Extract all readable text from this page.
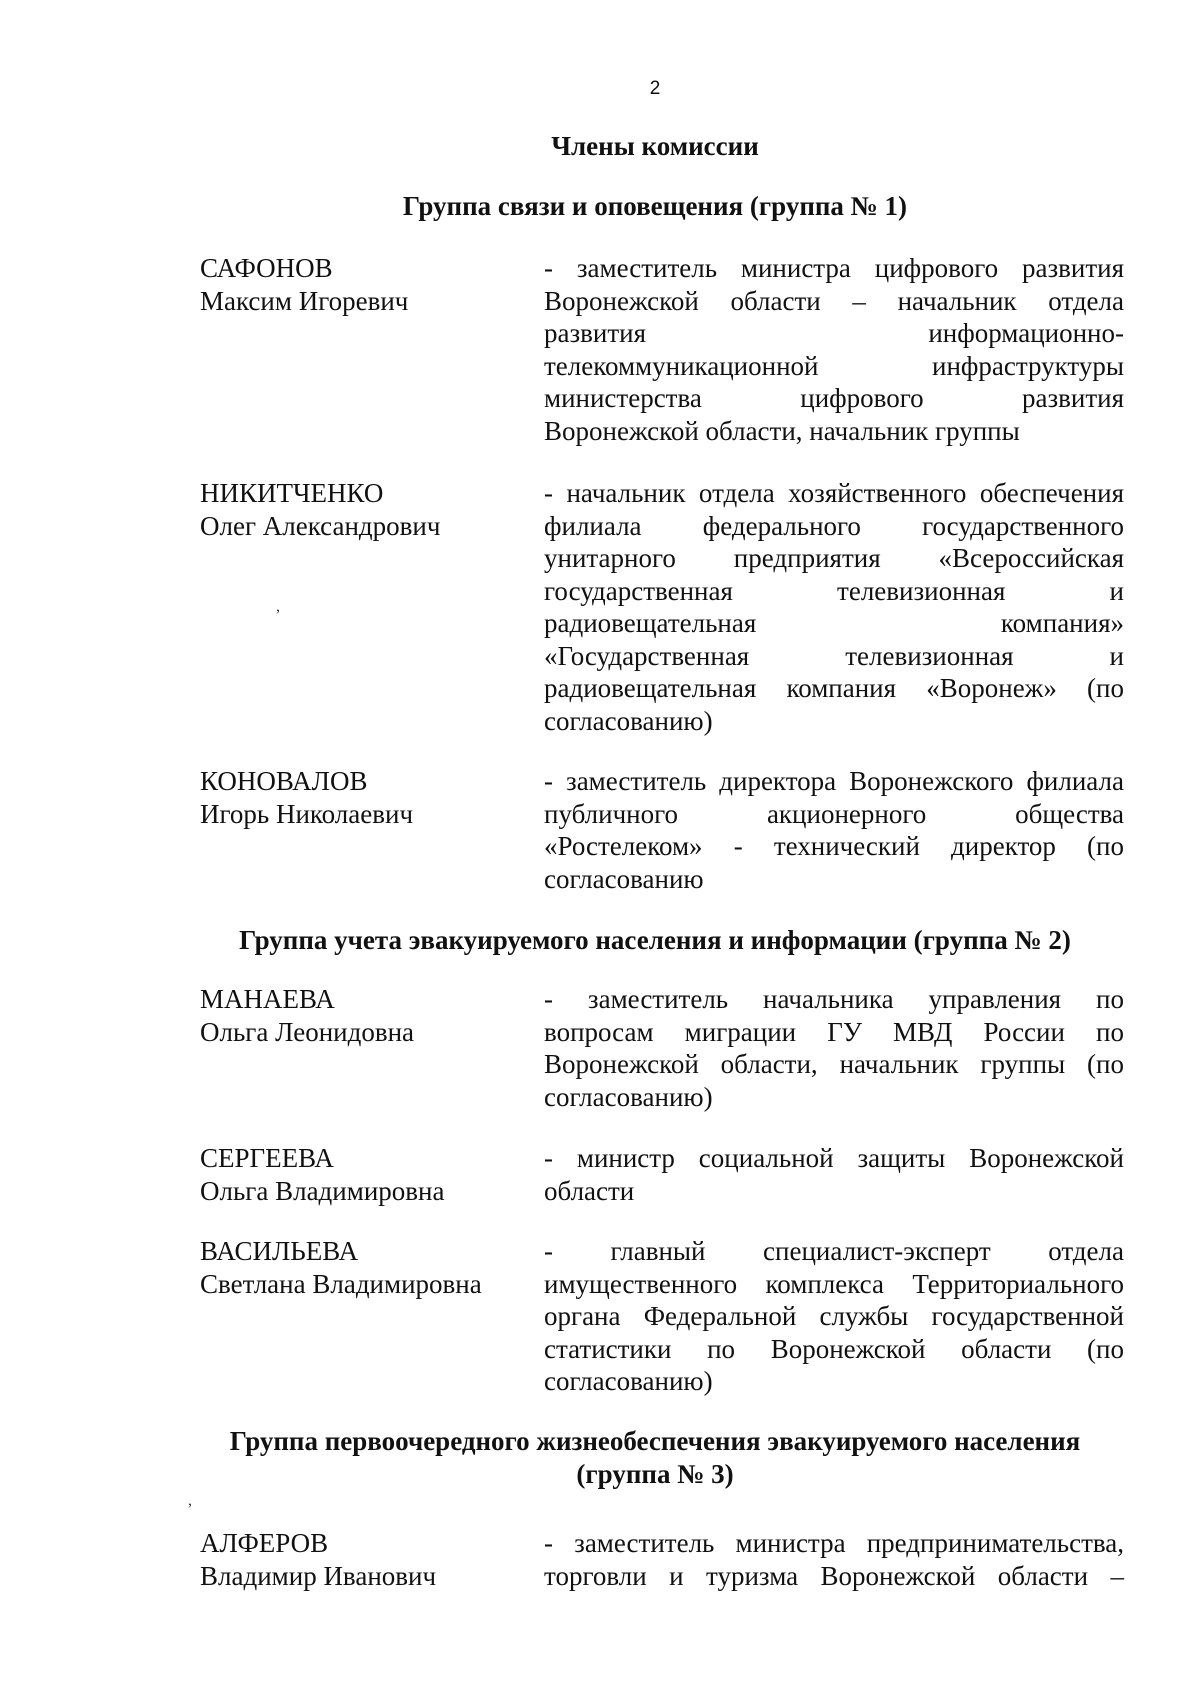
2
Члены комиссии
Группа связи и оповещения (группа № 1)
САФОНОВ
Максим Игоревич
- заместитель министра цифрового развития
Воронежской области – начальник отдела
развития информационно-
телекоммуникационной инфраструктуры
министерства цифрового развития
Воронежской области, начальник группы
НИКИТЧЕНКО
Олег Александрович
- начальник отдела хозяйственного обеспечения
филиала федерального государственного
унитарного предприятия «Всероссийская
государственная телевизионная и
радиовещательная компания»
«Государственная телевизионная и
радиовещательная компания «Воронеж» (по
согласованию)
КОНОВАЛОВ
Игорь Николаевич
- заместитель директора Воронежского филиала
публичного акционерного общества
«Ростелеком» - технический директор (по
согласованию
Группа учета эвакуируемого населения и информации (группа № 2)
МАНАЕВА
Ольга Леонидовна
- заместитель начальника управления по
вопросам миграции ГУ МВД России по
Воронежской области, начальник группы (по
согласованию)
СЕРГЕЕВА
Ольга Владимировна
- министр социальной защиты Воронежской
области
ВАСИЛЬЕВА
Светлана Владимировна
- главный специалист-эксперт отдела
имущественного комплекса Территориального
органа Федеральной службы государственной
статистики по Воронежской области (по
согласованию)
Группа первоочередного жизнеобеспечения эвакуируемого населения
(группа № 3)
АЛФЕРОВ
Владимир Иванович
- заместитель министра предпринимательства,
торговли и туризма Воронежской области –
,
,
